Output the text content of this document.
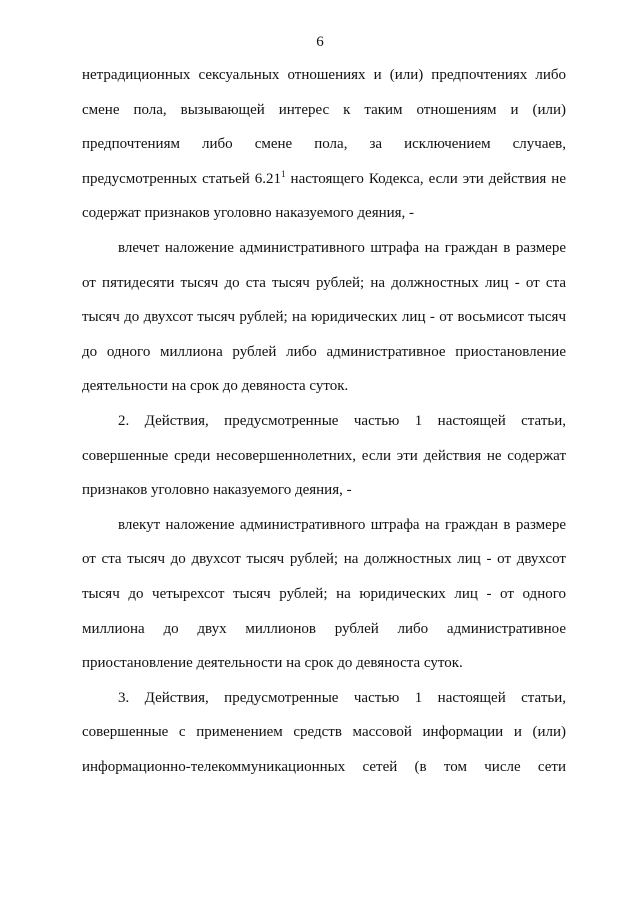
6
нетрадиционных сексуальных отношениях и (или) предпочтениях либо
смене пола, вызывающей интерес к таким отношениям и (или)
предпочтениям либо смене пола, за исключением случаев,
предусмотренных статьей 6.21$^1$ настоящего Кодекса, если эти действия не
содержат признаков уголовно наказуемого деяния, -
влечет наложение административного штрафа на граждан в размере
от пятидесяти тысяч до ста тысяч рублей; на должностных лиц - от ста
тысяч до двухсот тысяч рублей; на юридических лиц - от восьмисот тысяч
до одного миллиона рублей либо административное приостановление
деятельности на срок до девяноста суток.
2. Действия, предусмотренные частью 1 настоящей статьи,
совершенные среди несовершеннолетних, если эти действия не содержат
признаков уголовно наказуемого деяния, -
влекут наложение административного штрафа на граждан в размере
от ста тысяч до двухсот тысяч рублей; на должностных лиц - от двухсот
тысяч до четырехсот тысяч рублей; на юридических лиц - от одного
миллиона до двух миллионов рублей либо административное
приостановление деятельности на срок до девяноста суток.
3. Действия, предусмотренные частью 1 настоящей статьи,
совершенные с применением средств массовой информации и (или)
информационно-телекоммуникационных сетей (в том числе сети
